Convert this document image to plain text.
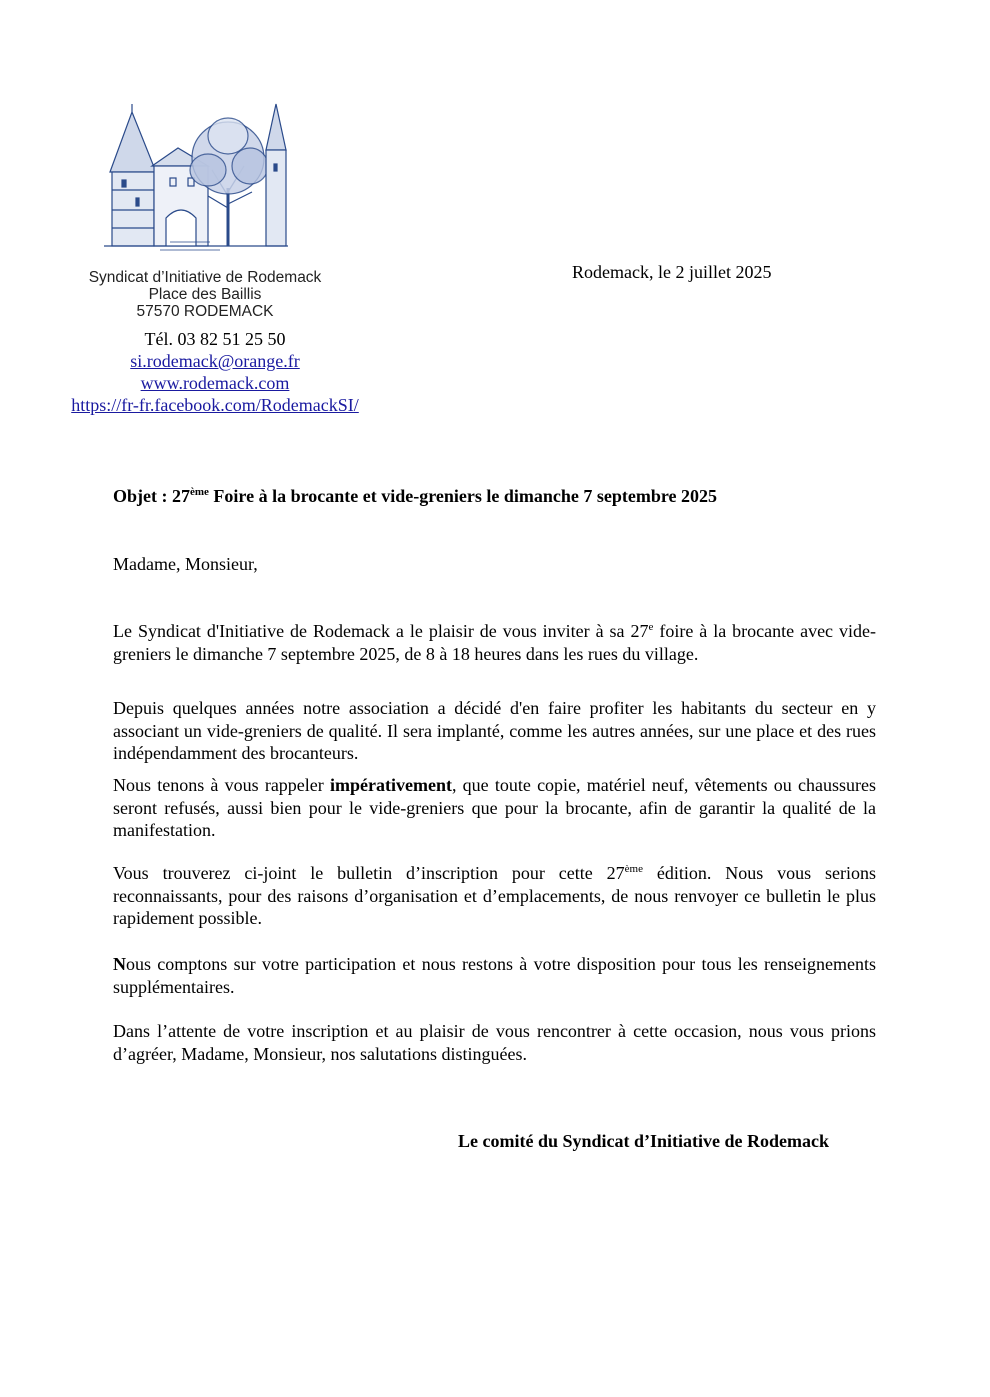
Syndicat d’Initiative de Rodemack
Place des Baillis
57570 RODEMACK
Tél. 03 82 51 25 50
si.rodemack@orange.fr
www.rodemack.com
https://fr-fr.facebook.com/RodemackSI/
Rodemack, le 2 juillet 2025
Objet : 27ème Foire à la brocante et vide-greniers le dimanche 7 septembre 2025
Madame, Monsieur,
Le Syndicat d'Initiative de Rodemack a le plaisir de vous inviter à sa 27e foire à la brocante avec vide-greniers le dimanche 7 septembre 2025, de 8 à 18 heures dans les rues du village.
Depuis quelques années notre association a décidé d'en faire profiter les habitants du secteur en y associant un vide-greniers de qualité. Il sera implanté, comme les autres années, sur une place et des rues indépendamment des brocanteurs.
Nous tenons à vous rappeler impérativement, que toute copie, matériel neuf, vêtements ou chaussures seront refusés, aussi bien pour le vide-greniers que pour la brocante, afin de garantir la qualité de la manifestation.
Vous trouverez ci-joint le bulletin d’inscription pour cette 27ème édition. Nous vous serions reconnaissants, pour des raisons d’organisation et d’emplacements, de nous renvoyer ce bulletin le plus rapidement possible.
Nous comptons sur votre participation et nous restons à votre disposition pour tous les renseignements supplémentaires.
Dans l’attente de votre inscription et au plaisir de vous rencontrer à cette occasion, nous vous prions d’agréer, Madame, Monsieur, nos salutations distinguées.
Le comité du Syndicat d’Initiative de Rodemack
